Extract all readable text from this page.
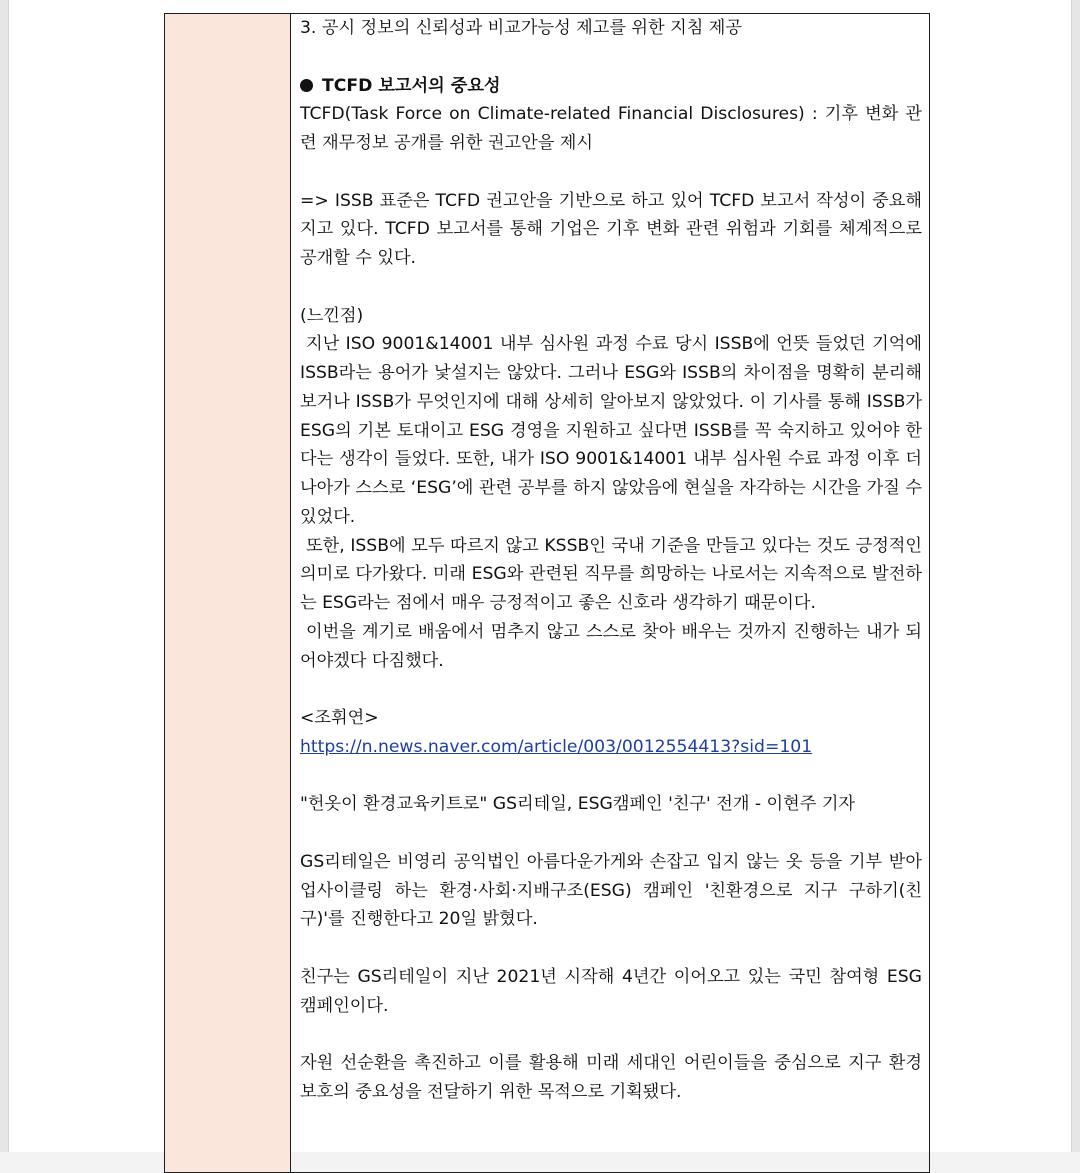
3. 공시 정보의 신뢰성과 비교가능성 제고를 위한 지침 제공

TCFD 보고서의 중요성

TCFD(Task Force on Climate-related Financial Disclosures) : 기후 변화 관련 재무정보 공개를 위한 권고안을 제시

=> ISSB 표준은 TCFD 권고안을 기반으로 하고 있어 TCFD 보고서 작성이 중요해지고 있다. TCFD 보고서를 통해 기업은 기후 변화 관련 위험과 기회를 체계적으로 공개할 수 있다.

(느낀점)

지난 ISO 9001&14001 내부 심사원 과정 수료 당시 ISSB에 언뜻 들었던 기억에 ISSB라는 용어가 낯설지는 않았다. 그러나 ESG와 ISSB의 차이점을 명확히 분리해보거나 ISSB가 무엇인지에 대해 상세히 알아보지 않았었다. 이 기사를 통해 ISSB가 ESG의 기본 토대이고 ESG 경영을 지원하고 싶다면 ISSB를 꼭 숙지하고 있어야 한다는 생각이 들었다. 또한, 내가 ISO 9001&14001 내부 심사원 수료 과정 이후 더 나아가 스스로 ‘ESG’에 관련 공부를 하지 않았음에 현실을 자각하는 시간을 가질 수 있었다.

또한, ISSB에 모두 따르지 않고 KSSB인 국내 기준을 만들고 있다는 것도 긍정적인 의미로 다가왔다. 미래 ESG와 관련된 직무를 희망하는 나로서는 지속적으로 발전하는 ESG라는 점에서 매우 긍정적이고 좋은 신호라 생각하기 때문이다.

이번을 계기로 배움에서 멈추지 않고 스스로 찾아 배우는 것까지 진행하는 내가 되어야겠다 다짐했다.

<조휘연>

https://n.news.naver.com/article/003/0012554413?sid=101

"헌옷이 환경교육키트로" GS리테일, ESG캠페인 '친구' 전개 - 이현주 기자

GS리테일은 비영리 공익법인 아름다운가게와 손잡고 입지 않는 옷 등을 기부 받아 업사이클링 하는 환경·사회·지배구조(ESG) 캠페인 '친환경으로 지구 구하기(친구)'를 진행한다고 20일 밝혔다.

친구는 GS리테일이 지난 2021년 시작해 4년간 이어오고 있는 국민 참여형 ESG 캠페인이다.

자원 선순환을 촉진하고 이를 활용해 미래 세대인 어린이들을 중심으로 지구 환경 보호의 중요성을 전달하기 위한 목적으로 기획됐다.
